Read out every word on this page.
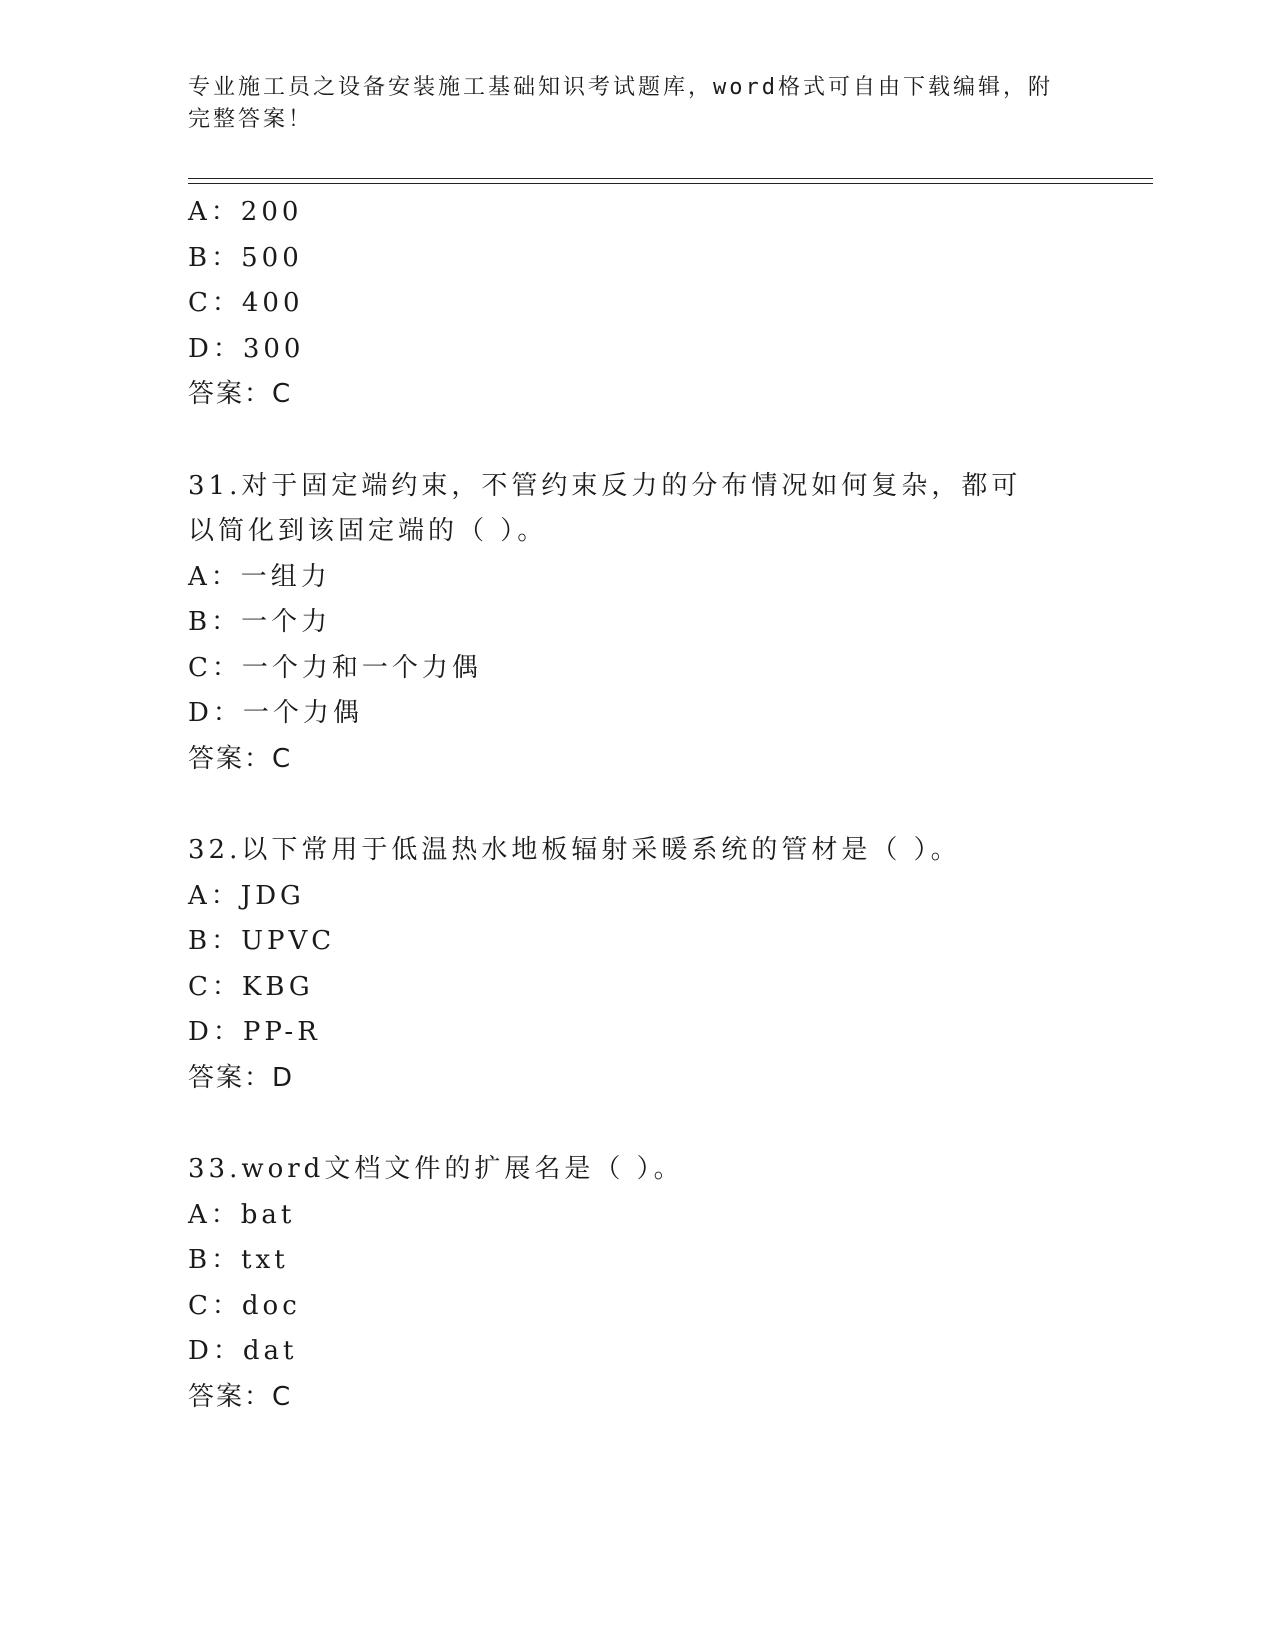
专业施工员之设备安装施工基础知识考试题库，word格式可自由下载编辑，附完整答案！
A：200
B：500
C：400
D：300
答案：C
31.对于固定端约束，不管约束反力的分布情况如何复杂，都可以简化到该固定端的（ ）。
A：一组力
B：一个力
C：一个力和一个力偶
D：一个力偶
答案：C
32.以下常用于低温热水地板辐射采暖系统的管材是（ ）。
A：JDG
B：UPVC
C：KBG
D：PP-R
答案：D
33.word文档文件的扩展名是（ ）。
A：bat
B：txt
C：doc
D：dat
答案：C
